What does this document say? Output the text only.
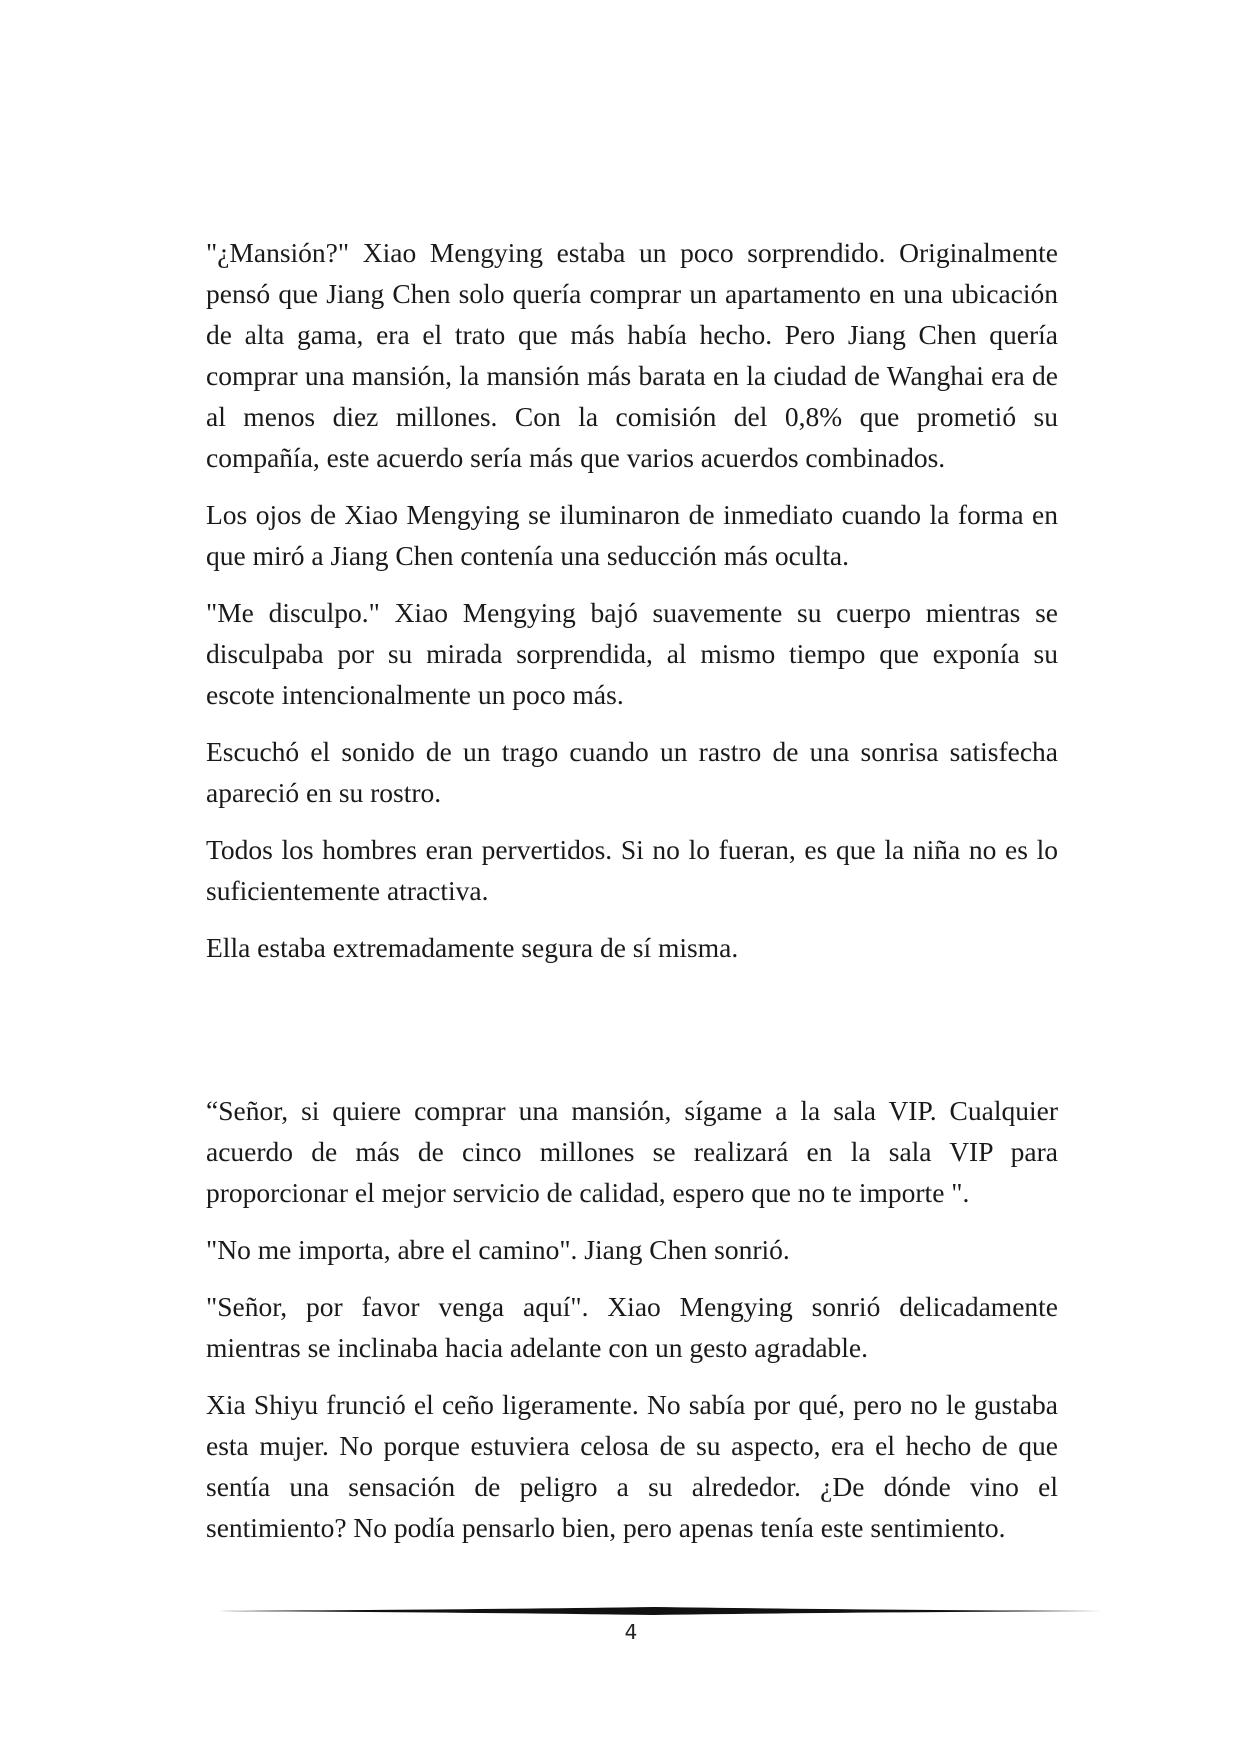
"¿Mansión?" Xiao Mengying estaba un poco sorprendido. Originalmente pensó que Jiang Chen solo quería comprar un apartamento en una ubicación de alta gama, era el trato que más había hecho. Pero Jiang Chen quería comprar una mansión, la mansión más barata en la ciudad de Wanghai era de al menos diez millones. Con la comisión del 0,8% que prometió su compañía, este acuerdo sería más que varios acuerdos combinados.

Los ojos de Xiao Mengying se iluminaron de inmediato cuando la forma en que miró a Jiang Chen contenía una seducción más oculta.

"Me disculpo." Xiao Mengying bajó suavemente su cuerpo mientras se disculpaba por su mirada sorprendida, al mismo tiempo que exponía su escote intencionalmente un poco más.

Escuchó el sonido de un trago cuando un rastro de una sonrisa satisfecha apareció en su rostro.

Todos los hombres eran pervertidos. Si no lo fueran, es que la niña no es lo suficientemente atractiva.

Ella estaba extremadamente segura de sí misma.

“Señor, si quiere comprar una mansión, sígame a la sala VIP. Cualquier acuerdo de más de cinco millones se realizará en la sala VIP para proporcionar el mejor servicio de calidad, espero que no te importe ".

"No me importa, abre el camino". Jiang Chen sonrió.

"Señor, por favor venga aquí". Xiao Mengying sonrió delicadamente mientras se inclinaba hacia adelante con un gesto agradable.

Xia Shiyu frunció el ceño ligeramente. No sabía por qué, pero no le gustaba esta mujer. No porque estuviera celosa de su aspecto, era el hecho de que sentía una sensación de peligro a su alrededor. ¿De dónde vino el sentimiento? No podía pensarlo bien, pero apenas tenía este sentimiento.

4
